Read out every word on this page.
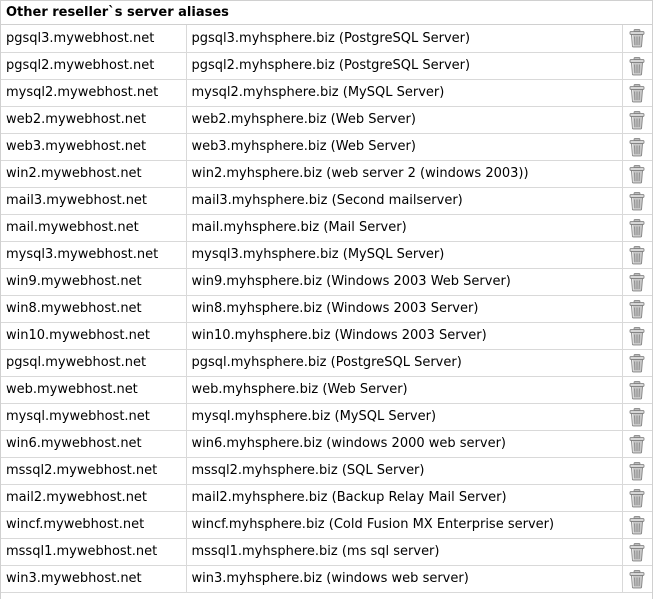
Other reseller`s server aliases
pgsql3.mywebhost.net	pgsql3.myhsphere.biz (PostgreSQL Server)	
pgsql2.mywebhost.net	pgsql2.myhsphere.biz (PostgreSQL Server)	
mysql2.mywebhost.net	mysql2.myhsphere.biz (MySQL Server)	
web2.mywebhost.net	web2.myhsphere.biz (Web Server)	
web3.mywebhost.net	web3.myhsphere.biz (Web Server)	
win2.mywebhost.net	win2.myhsphere.biz (web server 2 (windows 2003))	
mail3.mywebhost.net	mail3.myhsphere.biz (Second mailserver)	
mail.mywebhost.net	mail.myhsphere.biz (Mail Server)	
mysql3.mywebhost.net	mysql3.myhsphere.biz (MySQL Server)	
win9.mywebhost.net	win9.myhsphere.biz (Windows 2003 Web Server)	
win8.mywebhost.net	win8.myhsphere.biz (Windows 2003 Server)	
win10.mywebhost.net	win10.myhsphere.biz (Windows 2003 Server)	
pgsql.mywebhost.net	pgsql.myhsphere.biz (PostgreSQL Server)	
web.mywebhost.net	web.myhsphere.biz (Web Server)	
mysql.mywebhost.net	mysql.myhsphere.biz (MySQL Server)	
win6.mywebhost.net	win6.myhsphere.biz (windows 2000 web server)	
mssql2.mywebhost.net	mssql2.myhsphere.biz (SQL Server)	
mail2.mywebhost.net	mail2.myhsphere.biz (Backup Relay Mail Server)	
wincf.mywebhost.net	wincf.myhsphere.biz (Cold Fusion MX Enterprise server)	
mssql1.mywebhost.net	mssql1.myhsphere.biz (ms sql server)	
win3.mywebhost.net	win3.myhsphere.biz (windows web server)	
